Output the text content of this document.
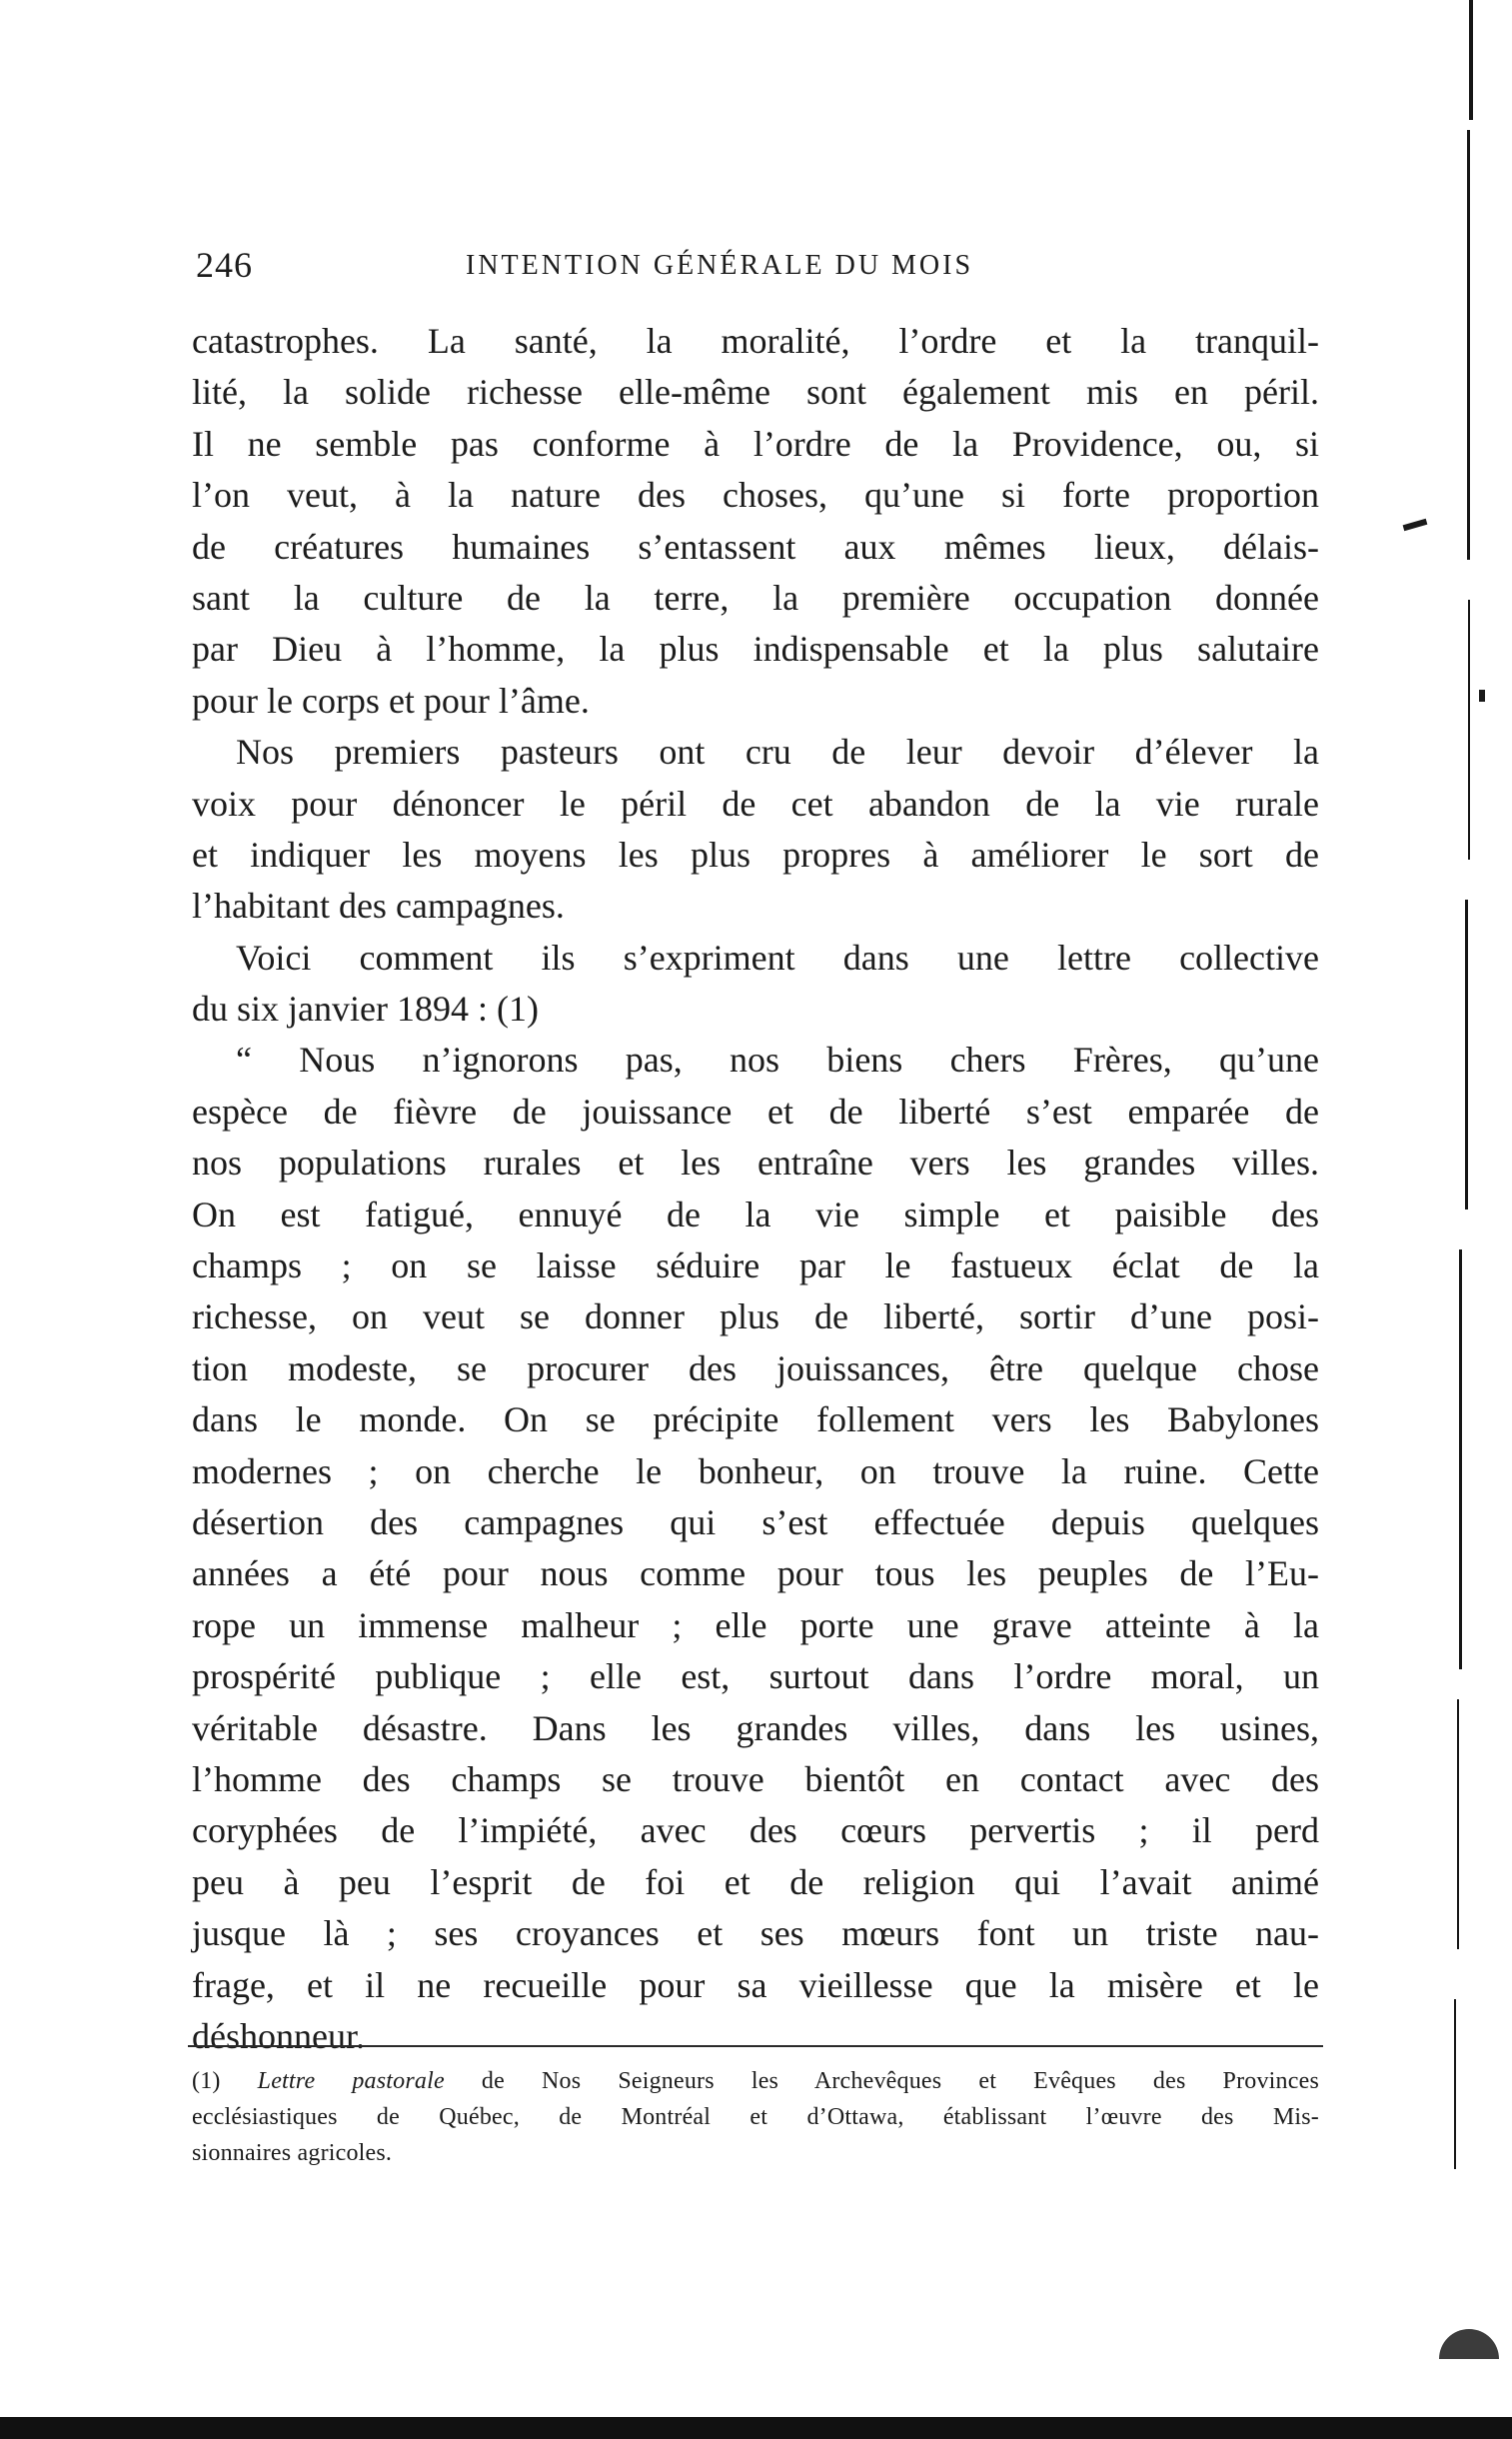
246	INTENTION GÉNÉRALE DU MOIS
catastrophes. La santé, la moralité, l’ordre et la tranquil-
lité, la solide richesse elle-même sont également mis en péril.
Il ne semble pas conforme à l’ordre de la Providence, ou, si
l’on veut, à la nature des choses, qu’une si forte proportion
de créatures humaines s’entassent aux mêmes lieux, délais-
sant la culture de la terre, la première occupation donnée
par Dieu à l’homme, la plus indispensable et la plus salutaire
pour le corps et pour l’âme.
Nos premiers pasteurs ont cru de leur devoir d’élever la
voix pour dénoncer le péril de cet abandon de la vie rurale
et indiquer les moyens les plus propres à améliorer le sort de
l’habitant des campagnes.
Voici comment ils s’expriment dans une lettre collective
du six janvier 1894 : (1)
“ Nous n’ignorons pas, nos biens chers Frères, qu’une
espèce de fièvre de jouissance et de liberté s’est emparée de
nos populations rurales et les entraîne vers les grandes villes.
On est fatigué, ennuyé de la vie simple et paisible des
champs ; on se laisse séduire par le fastueux éclat de la
richesse, on veut se donner plus de liberté, sortir d’une posi-
tion modeste, se procurer des jouissances, être quelque chose
dans le monde. On se précipite follement vers les Babylones
modernes ; on cherche le bonheur, on trouve la ruine. Cette
désertion des campagnes qui s’est effectuée depuis quelques
années a été pour nous comme pour tous les peuples de l’Eu-
rope un immense malheur ; elle porte une grave atteinte à la
prospérité publique ; elle est, surtout dans l’ordre moral, un
véritable désastre. Dans les grandes villes, dans les usines,
l’homme des champs se trouve bientôt en contact avec des
coryphées de l’impiété, avec des cœurs pervertis ; il perd
peu à peu l’esprit de foi et de religion qui l’avait animé
jusque là ; ses croyances et ses mœurs font un triste nau-
frage, et il ne recueille pour sa vieillesse que la misère et le
déshonneur.
(1) Lettre pastorale de Nos Seigneurs les Archevêques et Evêques des Provinces
ecclésiastiques de Québec, de Montréal et d’Ottawa, établissant l’œuvre des Mis-
sionnaires agricoles.
